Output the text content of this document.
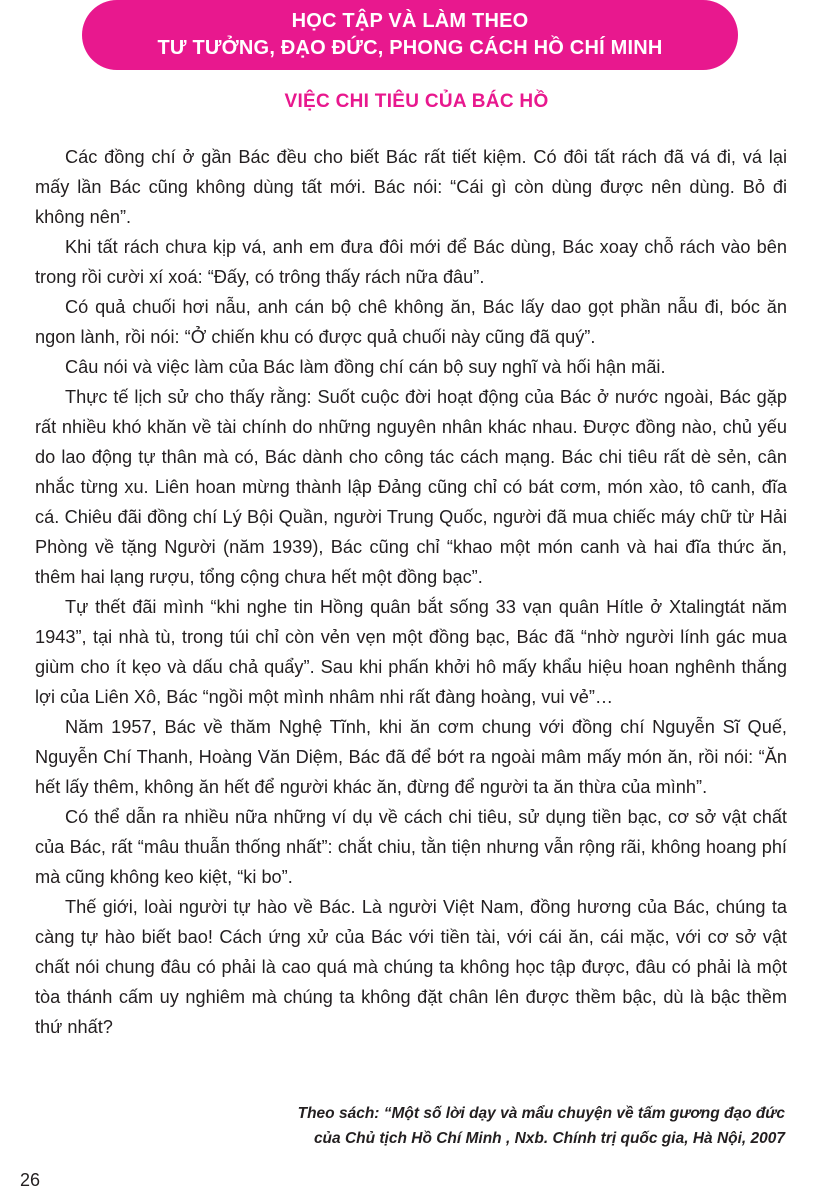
HỌC TẬP VÀ LÀM THEO
TƯ TƯỞNG, ĐẠO ĐỨC, PHONG CÁCH HỒ CHÍ MINH
VIỆC CHI TIÊU CỦA BÁC HỒ

Các đồng chí ở gần Bác đều cho biết Bác rất tiết kiệm. Có đôi tất rách đã vá đi, vá lại mấy lần Bác cũng không dùng tất mới. Bác nói: “Cái gì còn dùng được nên dùng. Bỏ đi không nên”.

Khi tất rách chưa kịp vá, anh em đưa đôi mới để Bác dùng, Bác xoay chỗ rách vào bên trong rồi cười xí xoá: “Đấy, có trông thấy rách nữa đâu”.

Có quả chuối hơi nẫu, anh cán bộ chê không ăn, Bác lấy dao gọt phần nẫu đi, bóc ăn ngon lành, rồi nói: “Ở chiến khu có được quả chuối này cũng đã quý”.

Câu nói và việc làm của Bác làm đồng chí cán bộ suy nghĩ và hối hận mãi.

Thực tế lịch sử cho thấy rằng: Suốt cuộc đời hoạt động của Bác ở nước ngoài, Bác gặp rất nhiều khó khăn về tài chính do những nguyên nhân khác nhau. Được đồng nào, chủ yếu do lao động tự thân mà có, Bác dành cho công tác cách mạng. Bác chi tiêu rất dè sẻn, cân nhắc từng xu. Liên hoan mừng thành lập Đảng cũng chỉ có bát cơm, món xào, tô canh, đĩa cá. Chiêu đãi đồng chí Lý Bội Quần, người Trung Quốc, người đã mua chiếc máy chữ từ Hải Phòng về tặng Người (năm 1939), Bác cũng chỉ “khao một món canh và hai đĩa thức ăn, thêm hai lạng rượu, tổng cộng chưa hết một đồng bạc”.

Tự thết đãi mình “khi nghe tin Hồng quân bắt sống 33 vạn quân Hítle ở Xtalingtát năm 1943”, tại nhà tù, trong túi chỉ còn vẻn vẹn một đồng bạc, Bác đã “nhờ người lính gác mua giùm cho ít kẹo và dấu chả quẩy”. Sau khi phấn khởi hô mấy khẩu hiệu hoan nghênh thắng lợi của Liên Xô, Bác “ngồi một mình nhâm nhi rất đàng hoàng, vui vẻ”…

Năm 1957, Bác về thăm Nghệ Tĩnh, khi ăn cơm chung với đồng chí Nguyễn Sĩ Quế, Nguyễn Chí Thanh, Hoàng Văn Diệm, Bác đã để bớt ra ngoài mâm mấy món ăn, rồi nói: “Ăn hết lấy thêm, không ăn hết để người khác ăn, đừng để người ta ăn thừa của mình”.

Có thể dẫn ra nhiều nữa những ví dụ về cách chi tiêu, sử dụng tiền bạc, cơ sở vật chất của Bác, rất “mâu thuẫn thống nhất”: chắt chiu, tằn tiện nhưng vẫn rộng rãi, không hoang phí mà cũng không keo kiệt, “ki bo”.

Thế giới, loài người tự hào về Bác. Là người Việt Nam, đồng hương của Bác, chúng ta càng tự hào biết bao! Cách ứng xử của Bác với tiền tài, với cái ăn, cái mặc, với cơ sở vật chất nói chung đâu có phải là cao quá mà chúng ta không học tập được, đâu có phải là một tòa thánh cấm uy nghiêm mà chúng ta không đặt chân lên được thềm bậc, dù là bậc thềm thứ nhất?

Theo sách: “Một số lời dạy và mẩu chuyện về tấm gương đạo đức
của Chủ tịch Hồ Chí Minh , Nxb. Chính trị quốc gia, Hà Nội, 2007
26
